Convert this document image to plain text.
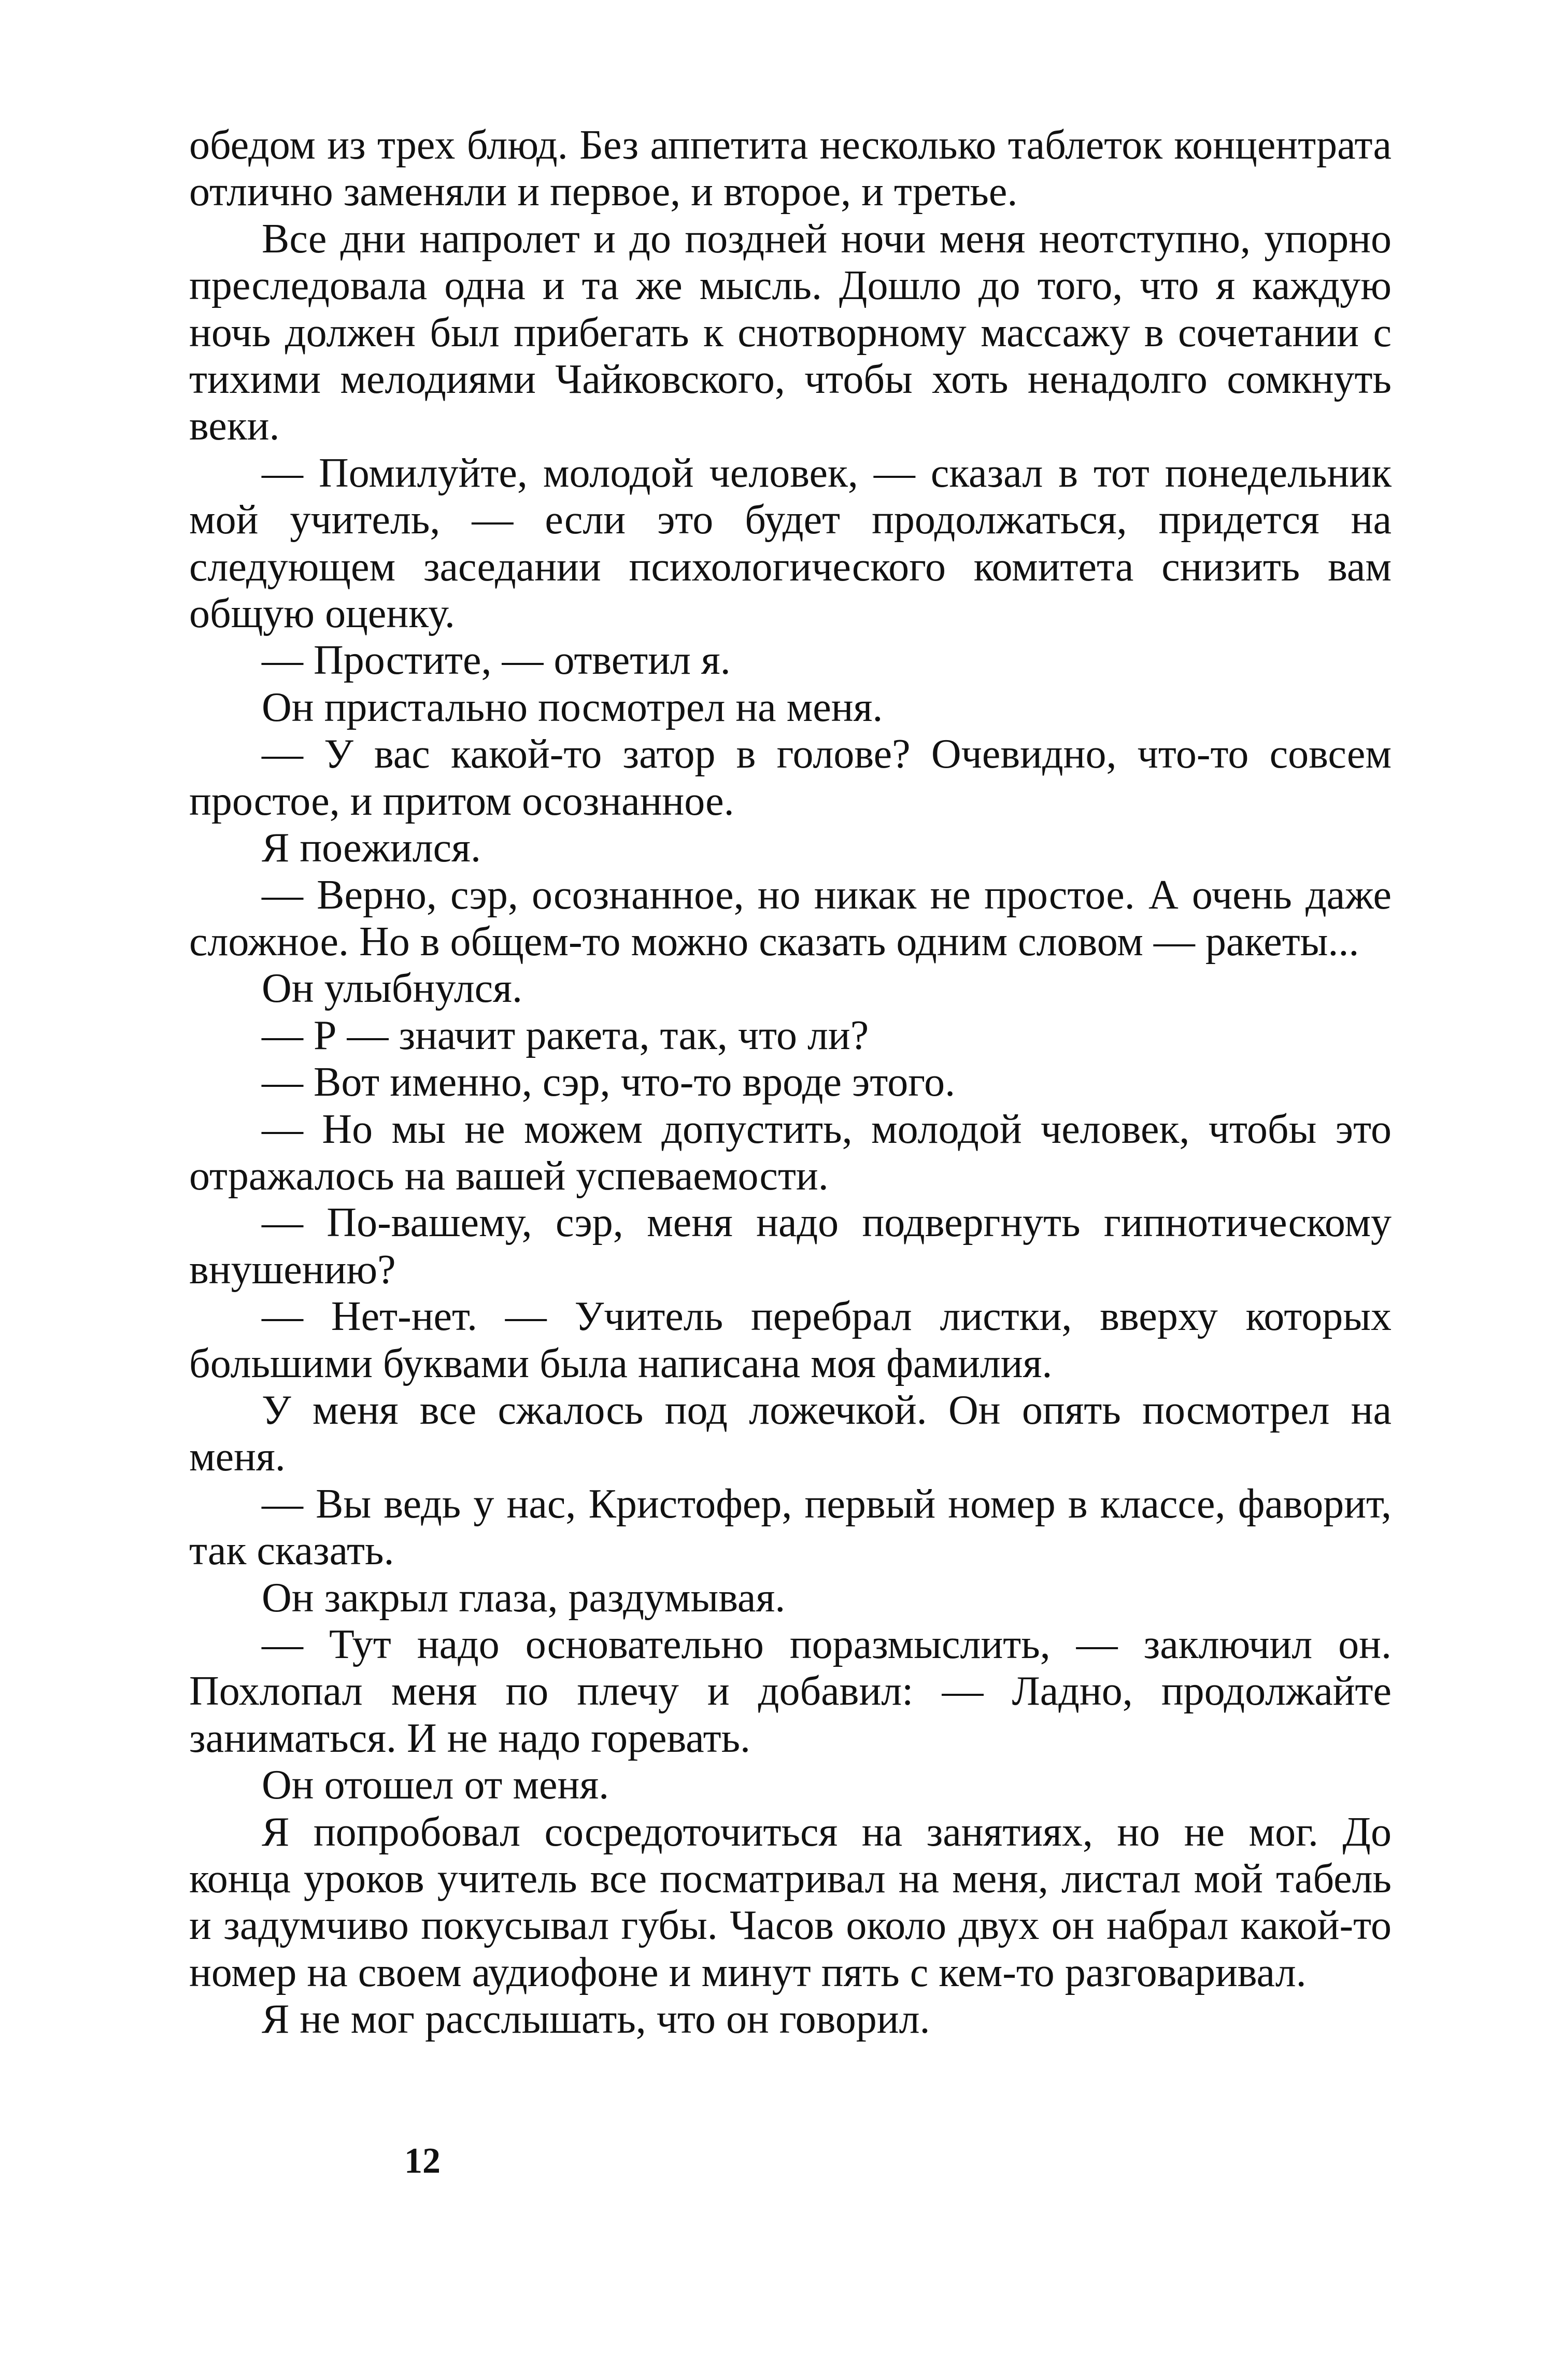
обедом из трех блюд. Без аппетита несколько таблеток концентрата отлично заменяли и первое, и второе, и третье.

Все дни напролет и до поздней ночи меня неотступно, упорно преследовала одна и та же мысль. Дошло до того, что я каждую ночь должен был прибегать к снотворному массажу в сочетании с тихими мелодиями Чайковского, чтобы хоть ненадолго сомкнуть веки.

— Помилуйте, молодой человек, — сказал в тот понедельник мой учитель, — если это будет продолжаться, придется на следующем заседании психологического комитета снизить вам общую оценку.

— Простите, — ответил я.

Он пристально посмотрел на меня.

— У вас какой-то затор в голове? Очевидно, что-то совсем простое, и притом осознанное.

Я поежился.

— Верно, сэр, осознанное, но никак не простое. А очень даже сложное. Но в общем-то можно сказать одним словом — ракеты...

Он улыбнулся.

— Р — значит ракета, так, что ли?

— Вот именно, сэр, что-то вроде этого.

— Но мы не можем допустить, молодой человек, чтобы это отражалось на вашей успеваемости.

— По-вашему, сэр, меня надо подвергнуть гипнотическому внушению?

— Нет-нет. — Учитель перебрал листки, вверху которых большими буквами была написана моя фамилия.

У меня все сжалось под ложечкой. Он опять посмотрел на меня.

— Вы ведь у нас, Кристофер, первый номер в классе, фаворит, так сказать.

Он закрыл глаза, раздумывая.

— Тут надо основательно поразмыслить, — заключил он. Похлопал меня по плечу и добавил: — Ладно, продолжайте заниматься. И не надо горевать.

Он отошел от меня.

Я попробовал сосредоточиться на занятиях, но не мог. До конца уроков учитель все посматривал на меня, листал мой табель и задумчиво покусывал губы. Часов около двух он набрал какой-то номер на своем аудиофоне и минут пять с кем-то разговаривал.

Я не мог расслышать, что он говорил.

12
